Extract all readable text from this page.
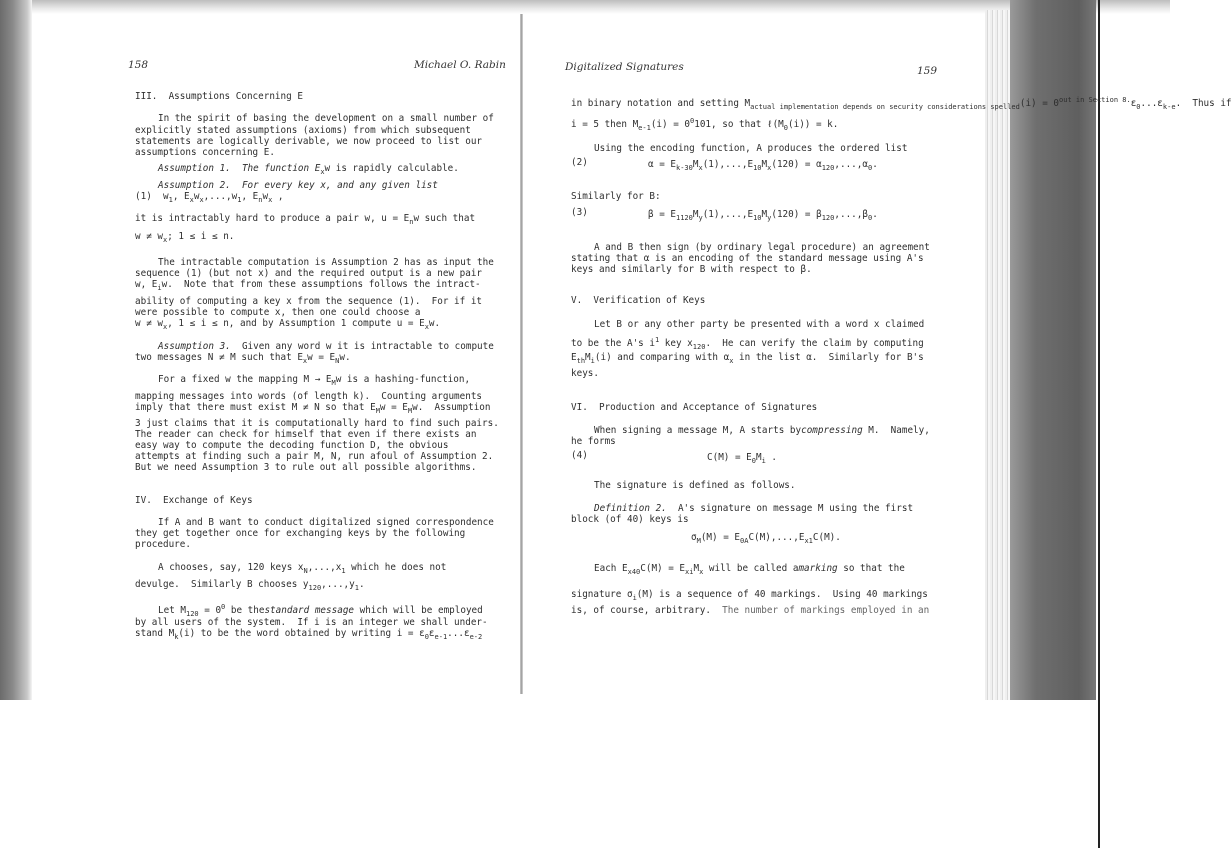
158	Michael O. Rabin
III.  Assumptions Concerning E
In the spirit of basing the development on a small number of
explicitly stated assumptions (axioms) from which subsequent
statements are logically derivable, we now proceed to list our
assumptions concerning E.
Assumption 1.  The function $E_xw$ is rapidly calculable.
Assumption 2.  For every key x, and any given list
(1)  $w_1$, $E_xw_x,...,w_1$, $E_nw_x$ ,
it is intractably hard to produce a pair w, $u = E_nw$ such that
$w \ne w_x$; 1 ≤ i ≤ n.
The intractable computation is Assumption 2 has as input the
sequence (1) (but not x) and the required output is a new pair
w, $E_iw$.  Note that from these assumptions follows the intract-
ability of computing a key x from the sequence (1).  For if it
were possible to compute x, then one could choose a
$w \ne w_x$, 1 ≤ i ≤ n, and by Assumption 1 compute $u = E_xw$.
Assumption 3.  Given any word w it is intractable to compute
two messages N ≠ M such that $E_xw = E_Nw$.
For a fixed w the mapping $M \to E_Mw$ is a hashing-function,
mapping messages into words (of length k).  Counting arguments
imply that there must exist M ≠ N so that $E_Mw = E_Mw$.  Assumption
3 just claims that it is computationally hard to find such pairs.
The reader can check for himself that even if there exists an
easy way to compute the decoding function D, the obvious
attempts at finding such a pair M, N, run afoul of Assumption 2.
But we need Assumption 3 to rule out all possible algorithms.
IV.  Exchange of Keys
If A and B want to conduct digitalized signed correspondence
they get together once for exchanging keys by the following
procedure.
A chooses, say, 120 keys $x_N,...,x_1$ which he does not
devulge.  Similarly B chooses $y_{120},...,y_1$.
Let $M_{120} = 0^0$ be thestandard message which will be employed
by all users of the system.  If i is an integer we shall under-
stand $M_k(i)$ to be the word obtained by writing $i = \varepsilon_0\varepsilon_{e-1}...\varepsilon_{e-2}$
Digitalized Signatures	159
in binary notation and setting $M_{actual implementation depends on security considerations spelled}(i) = 0^{out in Section 8.}\varepsilon_0...\varepsilon_{k-e}$.  Thus if
i = 5 then $M_{e-1}(i) = 0^0101$, so that $\ell(M_0(i)) = k$.
Using the encoding function, A produces the ordered list
(2)	$\alpha = E_{k-30}M_x(1),...,E_{10}M_x(120) = \alpha_{120},...,\alpha_0$.
Similarly for B:
(3)	$\beta = E_{1120}M_y(1),...,E_{10}M_y(120) = \beta_{120},...,\beta_0$.
A and B then sign (by ordinary legal procedure) an agreement
stating that α is an encoding of the standard message using A's
keys and similarly for B with respect to β.
V.  Verification of Keys
Let B or any other party be presented with a word x claimed
to be the A's $i^1$ key $x_{120}$.  He can verify the claim by computing
$E_{th}M_i(i)$ and comparing with $\alpha_x$ in the list α.  Similarly for B's
keys.
VI.  Production and Acceptance of Signatures
When signing a message M, A starts bycompressing M.  Namely,
he forms
(4)	$C(M) = E_0M_i$ .
The signature is defined as follows.
Definition 2.  A's signature on message M using the first
block (of 40) keys is
$\sigma_M(M) = E_{0A}C(M),...,E_{x1}C(M)$.
Each $E_{x40}C(M) = E_{xi}M_x$ will be called amarking so that the
signature $\sigma_i(M)$ is a sequence of 40 markings.  Using 40 markings
is, of course, arbitrary.  The number of markings employed in an
